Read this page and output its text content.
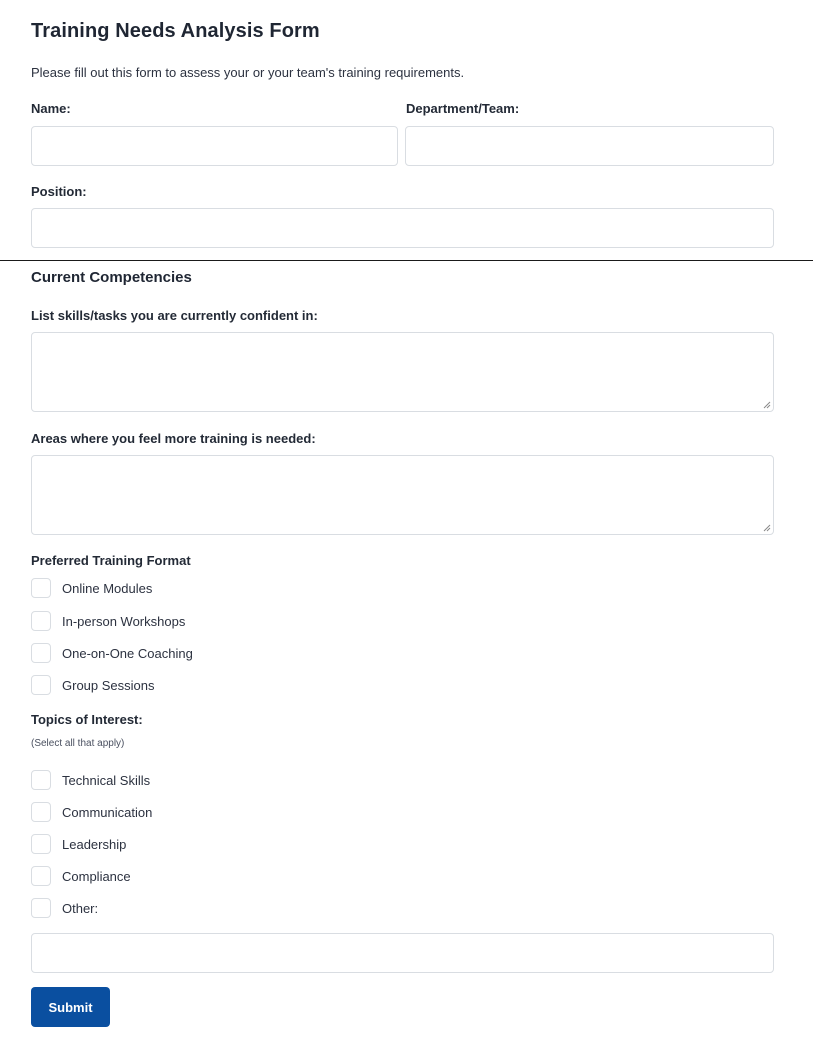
Training Needs Analysis Form
Please fill out this form to assess your or your team's training requirements.
Name:	Department/Team:
Position:
Current Competencies
List skills/tasks you are currently confident in:
Areas where you feel more training is needed:
Preferred Training Format
Online Modules
In-person Workshops
One-on-One Coaching
Group Sessions
Topics of Interest:
(Select all that apply)
Technical Skills
Communication
Leadership
Compliance
Other:
Submit
